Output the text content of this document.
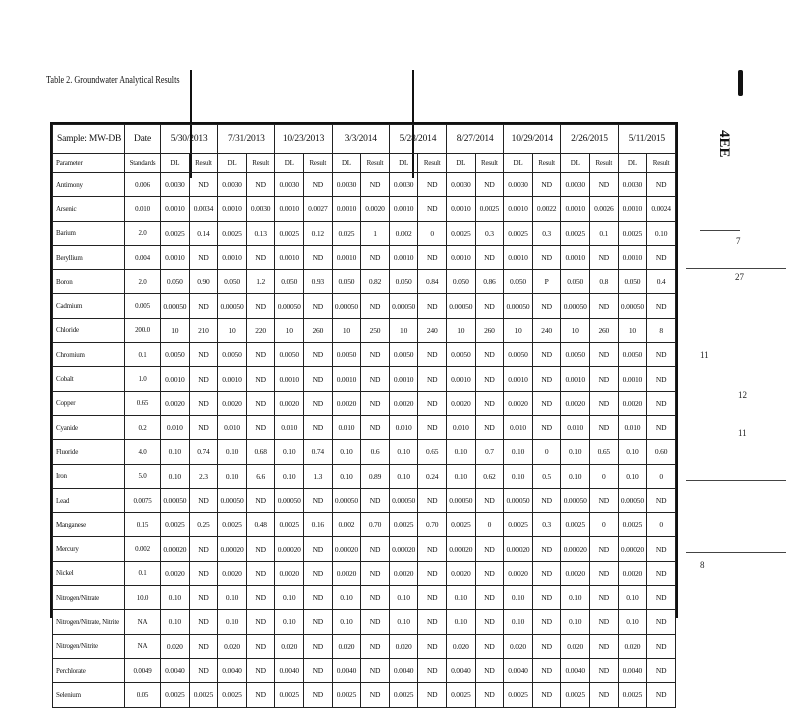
Table 2. Groundwater Analytical Results
Sample: MW-DB	Date	5/30/2013		7/31/2013		10/23/2013		3/3/2014		5/28/2014		8/27/2014		10/29/2014		2/26/2015		5/11/2015	
Parameter	Standards	DL	Result	DL	Result	DL	Result	DL	Result	DL	Result	DL	Result	DL	Result	DL	Result	DL	Result
Antimony	0.006	0.0030	ND	0.0030	ND	0.0030	ND	0.0030	ND	0.0030	ND	0.0030	ND	0.0030	ND	0.0030	ND	0.0030	ND
Arsenic	0.010	0.0010	0.0034	0.0010	0.0030	0.0010	0.0027	0.0010	0.0020	0.0010	ND	0.0010	0.0025	0.0010	0.0022	0.0010	0.0026	0.0010	0.0024
Barium	2.0	0.0025	0.14	0.0025	0.13	0.0025	0.12	0.025	1	0.002	0	0.0025	0.3	0.0025	0.3	0.0025	0.1	0.0025	0.10
Beryllium	0.004	0.0010	ND	0.0010	ND	0.0010	ND	0.0010	ND	0.0010	ND	0.0010	ND	0.0010	ND	0.0010	ND	0.0010	ND
Boron	2.0	0.050	0.90	0.050	1.2	0.050	0.93	0.050	0.82	0.050	0.84	0.050	0.86	0.050	P	0.050	0.8	0.050	0.4
Cadmium	0.005	0.00050	ND	0.00050	ND	0.00050	ND	0.00050	ND	0.00050	ND	0.00050	ND	0.00050	ND	0.00050	ND	0.00050	ND
Chloride	200.0	10	210	10	220	10	260	10	250	10	240	10	260	10	240	10	260	10	8
Chromium	0.1	0.0050	ND	0.0050	ND	0.0050	ND	0.0050	ND	0.0050	ND	0.0050	ND	0.0050	ND	0.0050	ND	0.0050	ND
Cobalt	1.0	0.0010	ND	0.0010	ND	0.0010	ND	0.0010	ND	0.0010	ND	0.0010	ND	0.0010	ND	0.0010	ND	0.0010	ND
Copper	0.65	0.0020	ND	0.0020	ND	0.0020	ND	0.0020	ND	0.0020	ND	0.0020	ND	0.0020	ND	0.0020	ND	0.0020	ND
Cyanide	0.2	0.010	ND	0.010	ND	0.010	ND	0.010	ND	0.010	ND	0.010	ND	0.010	ND	0.010	ND	0.010	ND
Fluoride	4.0	0.10	0.74	0.10	0.68	0.10	0.74	0.10	0.6	0.10	0.65	0.10	0.7	0.10	0	0.10	0.65	0.10	0.60
Iron	5.0	0.10	2.3	0.10	6.6	0.10	1.3	0.10	0.89	0.10	0.24	0.10	0.62	0.10	0.5	0.10	0	0.10	0
Lead	0.0075	0.00050	ND	0.00050	ND	0.00050	ND	0.00050	ND	0.00050	ND	0.00050	ND	0.00050	ND	0.00050	ND	0.00050	ND
Manganese	0.15	0.0025	0.25	0.0025	0.48	0.0025	0.16	0.002	0.70	0.0025	0.70	0.0025	0	0.0025	0.3	0.0025	0	0.0025	0
Mercury	0.002	0.00020	ND	0.00020	ND	0.00020	ND	0.00020	ND	0.00020	ND	0.00020	ND	0.00020	ND	0.00020	ND	0.00020	ND
Nickel	0.1	0.0020	ND	0.0020	ND	0.0020	ND	0.0020	ND	0.0020	ND	0.0020	ND	0.0020	ND	0.0020	ND	0.0020	ND
Nitrogen/Nitrate	10.0	0.10	ND	0.10	ND	0.10	ND	0.10	ND	0.10	ND	0.10	ND	0.10	ND	0.10	ND	0.10	ND
Nitrogen/Nitrate, Nitrite	NA	0.10	ND	0.10	ND	0.10	ND	0.10	ND	0.10	ND	0.10	ND	0.10	ND	0.10	ND	0.10	ND
Nitrogen/Nitrite	NA	0.020	ND	0.020	ND	0.020	ND	0.020	ND	0.020	ND	0.020	ND	0.020	ND	0.020	ND	0.020	ND
Perchlorate	0.0049	0.0040	ND	0.0040	ND	0.0040	ND	0.0040	ND	0.0040	ND	0.0040	ND	0.0040	ND	0.0040	ND	0.0040	ND
Selenium	0.05	0.0025	0.0025	0.0025	ND	0.0025	ND	0.0025	ND	0.0025	ND	0.0025	ND	0.0025	ND	0.0025	ND	0.0025	ND
4EE
7
27
11
12
11
8
